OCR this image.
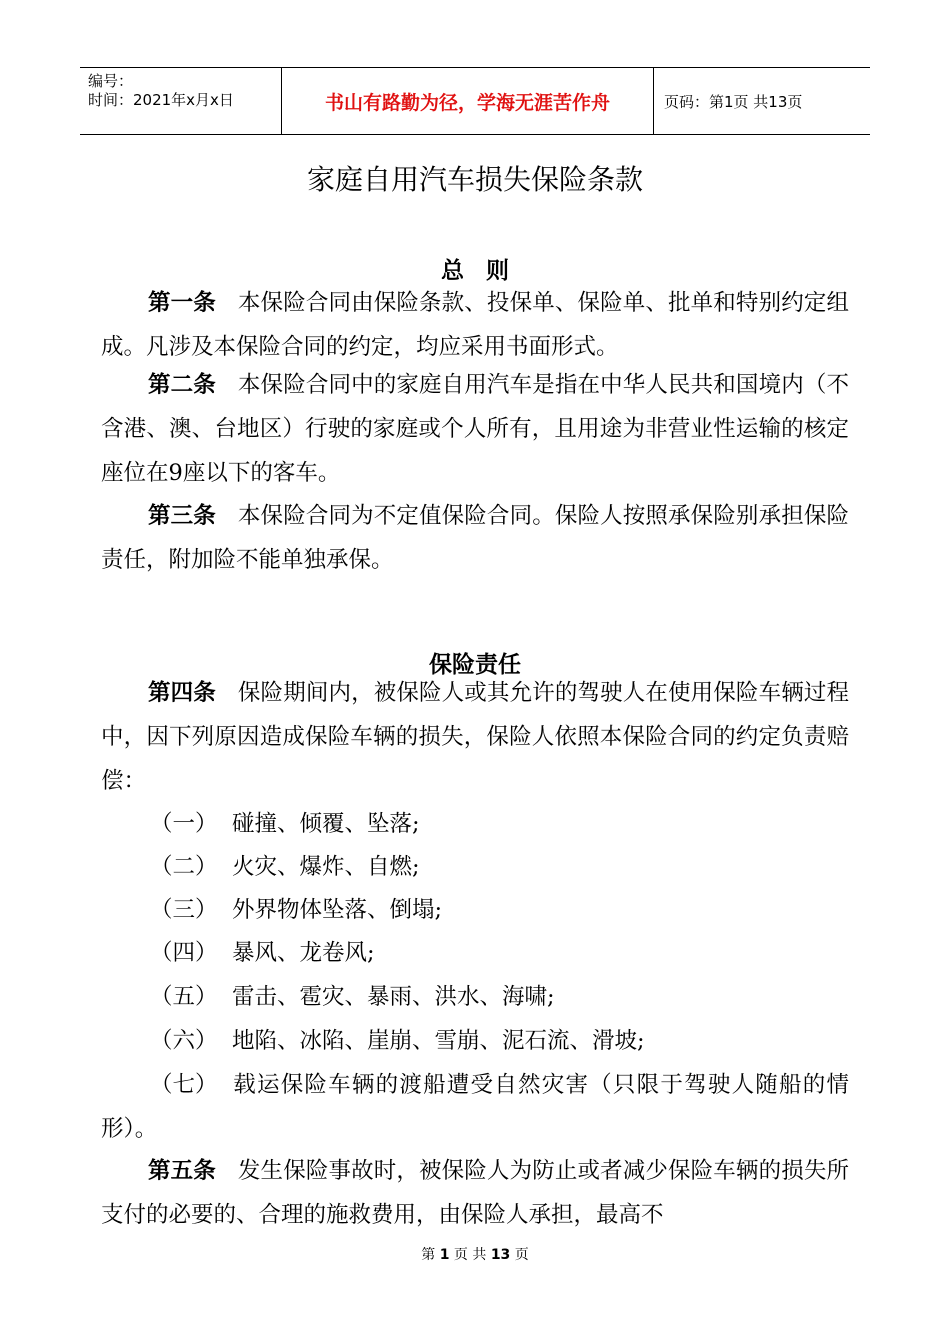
编号：
时间：2021年x月x日	书山有路勤为径，学海无涯苦作舟	页码：第1页 共13页
家庭自用汽车损失保险条款
总则
第一条 本保险合同由保险条款、投保单、保险单、批单和特别约定组成。凡涉及本保险合同的约定，均应采用书面形式。
第二条 本保险合同中的家庭自用汽车是指在中华人民共和国境内（不含港、澳、台地区）行驶的家庭或个人所有，且用途为非营业性运输的核定座位在9座以下的客车。
第三条 本保险合同为不定值保险合同。保险人按照承保险别承担保险责任，附加险不能单独承保。
保险责任
第四条 保险期间内，被保险人或其允许的驾驶人在使用保险车辆过程中，因下列原因造成保险车辆的损失，保险人依照本保险合同的约定负责赔偿：
（一） 碰撞、倾覆、坠落;
（二） 火灾、爆炸、自燃;
（三） 外界物体坠落、倒塌;
（四） 暴风、龙卷风;
（五） 雷击、雹灾、暴雨、洪水、海啸;
（六） 地陷、冰陷、崖崩、雪崩、泥石流、滑坡;
（七） 载运保险车辆的渡船遭受自然灾害（只限于驾驶人随船的情形）。
第五条 发生保险事故时，被保险人为防止或者减少保险车辆的损失所支付的必要的、合理的施救费用，由保险人承担，最高不
第 1 页 共 13 页
